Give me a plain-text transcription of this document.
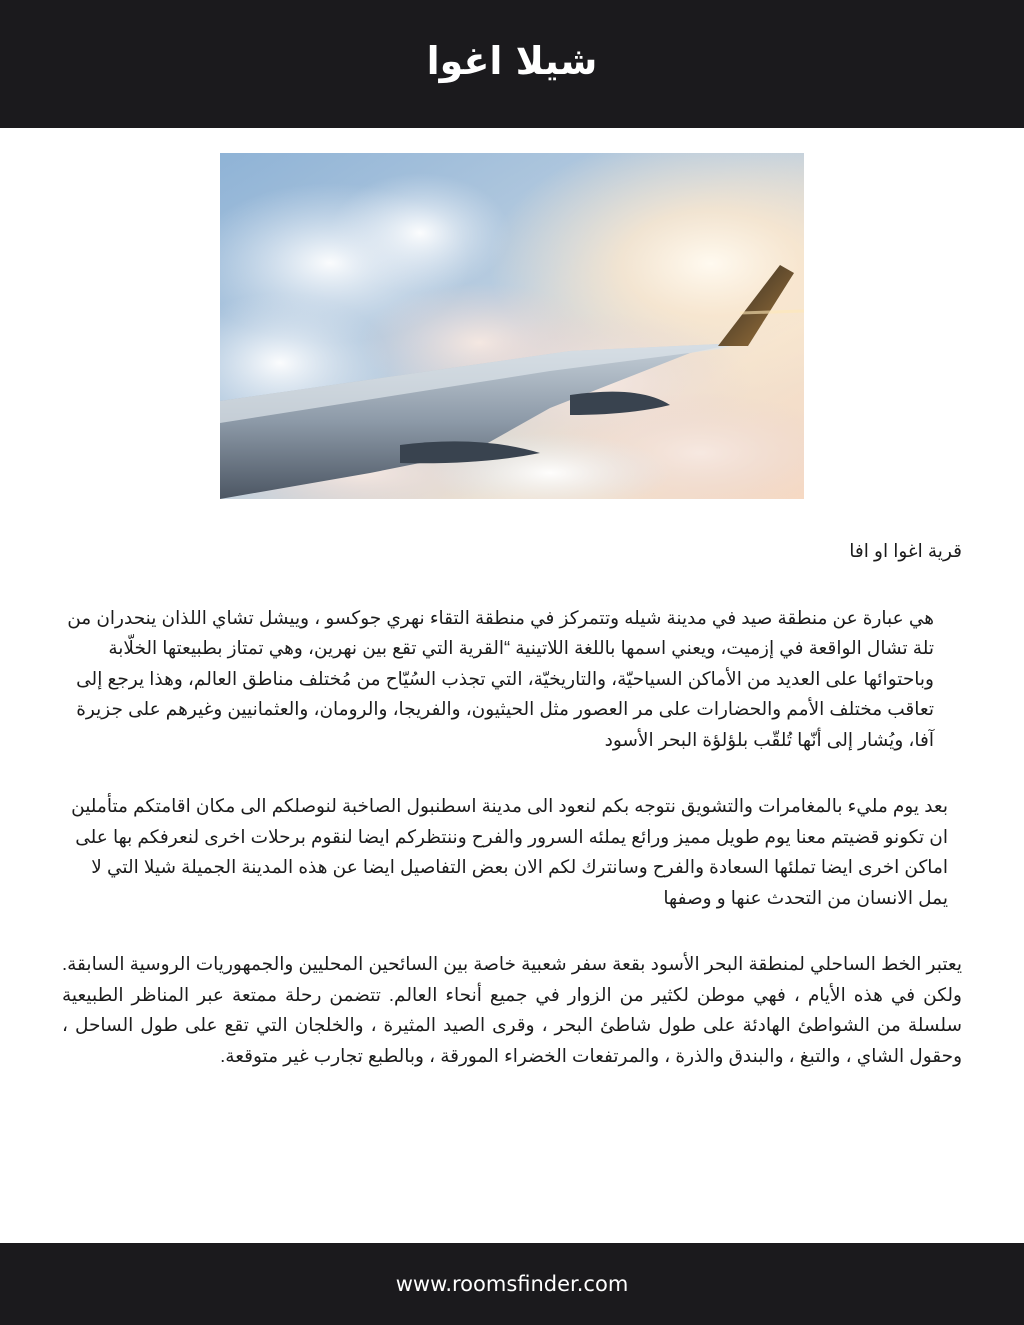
شيلا اغوا

قرية اغوا او افا

هي عبارة عن منطقة صيد في مدينة شيله وتتمركز في منطقة التقاء نهري جوكسو ، وييشل تشاي اللذان ينحدران من تلة تشال الواقعة في إزميت، ويعني اسمها باللغة اللاتينية “القرية التي تقع بين نهرين، وهي تمتاز بطبيعتها الخلّابة وباحتوائها على العديد من الأماكن السياحيّة، والتاريخيّة، التي تجذب السُيّاح من مُختلف مناطق العالم، وهذا يرجع إلى تعاقب مختلف الأمم والحضارات على مر العصور مثل الحيثيون، والفريجا، والرومان، والعثمانيين وغيرهم على جزيرة آفا، ويُشار إلى أنّها تُلقّب بلؤلؤة البحر الأسود

بعد يوم مليء بالمغامرات والتشويق نتوجه بكم لنعود الى مدينة اسطنبول الصاخبة لنوصلكم الى مكان اقامتكم متأملين ان تكونو قضيتم معنا يوم طويل مميز ورائع يملئه السرور والفرح وننتظركم ايضا لنقوم برحلات اخرى لنعرفكم بها على اماكن اخرى ايضا تملئها السعادة والفرح وسانترك لكم الان بعض التفاصيل ايضا عن هذه المدينة الجميلة شيلا التي لا يمل الانسان من التحدث عنها و وصفها

يعتبر الخط الساحلي لمنطقة البحر الأسود بقعة سفر شعبية خاصة بين السائحين المحليين والجمهوريات الروسية السابقة. ولكن في هذه الأيام ، فهي موطن لكثير من الزوار في جميع أنحاء العالم. تتضمن رحلة ممتعة عبر المناظر الطبيعية سلسلة من الشواطئ الهادئة على طول شاطئ البحر ، وقرى الصيد المثيرة ، والخلجان التي تقع على طول الساحل ، وحقول الشاي ، والتبغ ، والبندق والذرة ، والمرتفعات الخضراء المورقة ، وبالطبع تجارب غير متوقعة.

www.roomsfinder.com
